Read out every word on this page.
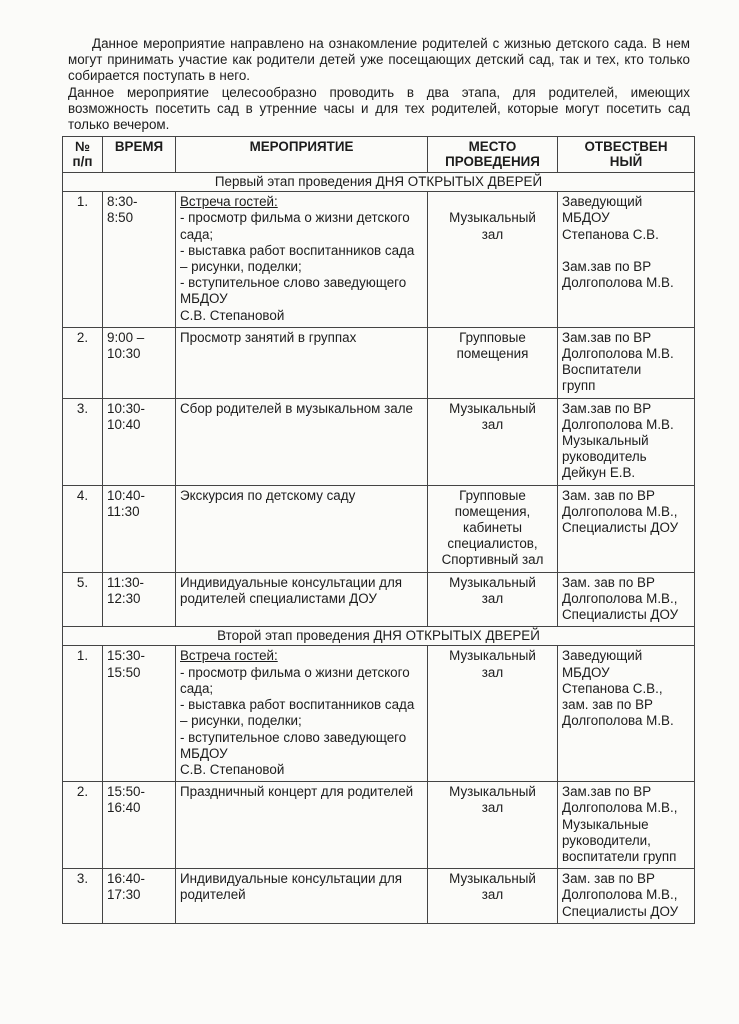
Данное мероприятие направлено на ознакомление родителей с жизнью детского сада. В нем могут принимать участие как родители детей уже посещающих детский сад, так и тех, кто только собирается поступать в него.

Данное мероприятие целесообразно проводить в два этапа, для родителей, имеющих возможность посетить сад в утренние часы и для тех родителей, которые могут посетить сад только вечером.

№
п/п	ВРЕМЯ	МЕРОПРИЯТИЕ	МЕСТО
ПРОВЕДЕНИЯ	ОТВЕСТВЕН
НЫЙ
Первый этап проведения ДНЯ ОТКРЫТЫХ ДВЕРЕЙ				
1.	8:30-
8:50	Встреча гостей:
- просмотр фильма о жизни детского сада;
- выставка работ воспитанников сада – рисунки, поделки;
- вступительное слово заведующего МБДОУ
С.В. Степановой	
Музыкальный
зал	Заведующий
МБДОУ
Степанова С.В.

Зам.зав по ВР
Долгополова М.В.
2.	9:00 –
10:30	Просмотр занятий в группах	Групповые
помещения	Зам.зав по ВР
Долгополова М.В.
Воспитатели
групп
3.	10:30-
10:40	Сбор родителей в музыкальном зале	Музыкальный
зал	Зам.зав по ВР
Долгополова М.В.
Музыкальный
руководитель
Дейкун Е.В.
4.	10:40-
11:30	Экскурсия по детскому саду	Групповые
помещения,
кабинеты
специалистов,
Спортивный зал	Зам. зав по ВР
Долгополова М.В.,
Специалисты ДОУ
5.	11:30-
12:30	Индивидуальные консультации для родителей специалистами ДОУ	Музыкальный
зал	Зам. зав по ВР
Долгополова М.В.,
Специалисты ДОУ
Второй этап проведения ДНЯ ОТКРЫТЫХ ДВЕРЕЙ				
1.	15:30-
15:50	Встреча гостей:
- просмотр фильма о жизни детского сада;
- выставка работ воспитанников сада – рисунки, поделки;
- вступительное слово заведующего МБДОУ
С.В. Степановой	Музыкальный
зал	Заведующий
МБДОУ
Степанова С.В.,
зам. зав по ВР
Долгополова М.В.
2.	15:50-
16:40	Праздничный концерт для родителей	Музыкальный
зал	Зам.зав по ВР
Долгополова М.В.,
Музыкальные
руководители,
воспитатели групп
3.	16:40-
17:30	Индивидуальные консультации для родителей	Музыкальный
зал	Зам. зав по ВР
Долгополова М.В.,
Специалисты ДОУ
